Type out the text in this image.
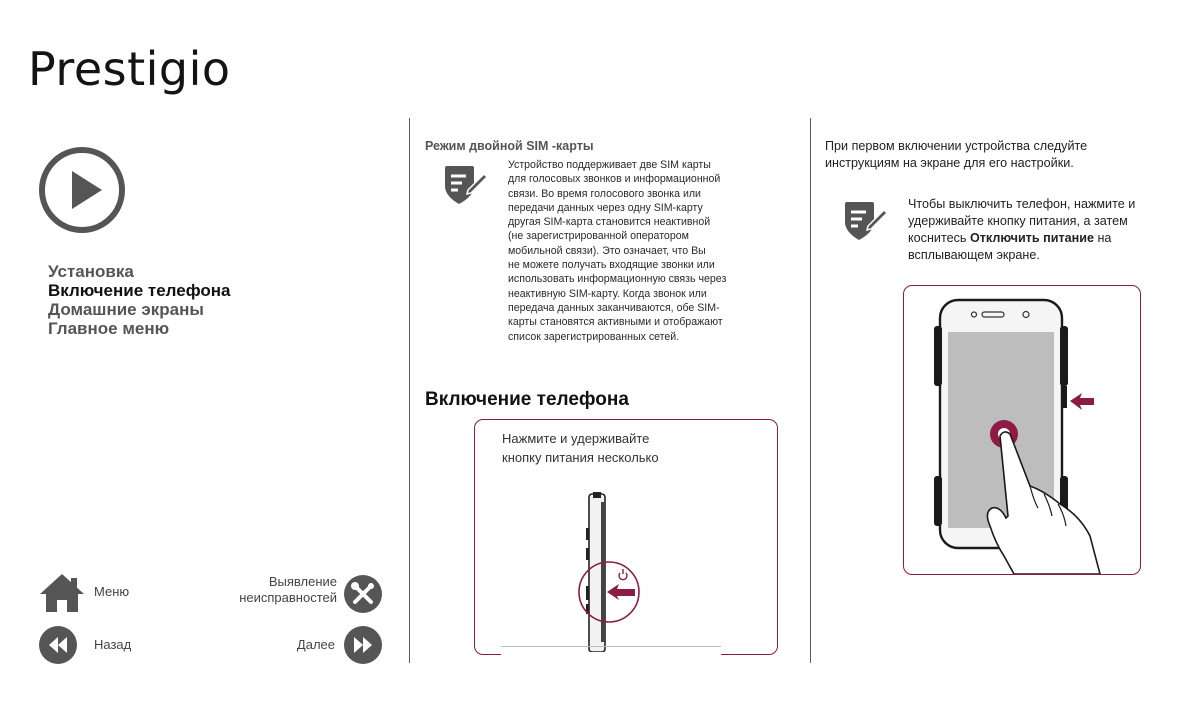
Prestigio
Установка
Включение телефона
Домашние экраны
Главное меню
Меню
Выявление
неисправностей
Назад	Далее
Режим двойной SIM -карты
Устройство поддерживает две SIM карты
для голосовых звонков и информационной
связи. Во время голосового звонка или
передачи данных через одну SIM-карту
другая SIM-карта становится неактивной
(не зарегистрированной оператором
мобильной связи). Это означает, что Вы
не можете получать входящие звонки или
использовать информационную связь через
неактивную SIM-карту. Когда звонок или
передача данных заканчиваются, обе SIM-
карты становятся активными и отображают
список зарегистрированных сетей.
Включение телефона
Нажмите и удерживайте
кнопку питания несколько
При первом включении устройства следуйте
инструкциям на экране для его настройки.
Чтобы выключить телефон, нажмите и
удерживайте кнопку питания, а затем
коснитесь Отключить питание на
всплывающем экране.
